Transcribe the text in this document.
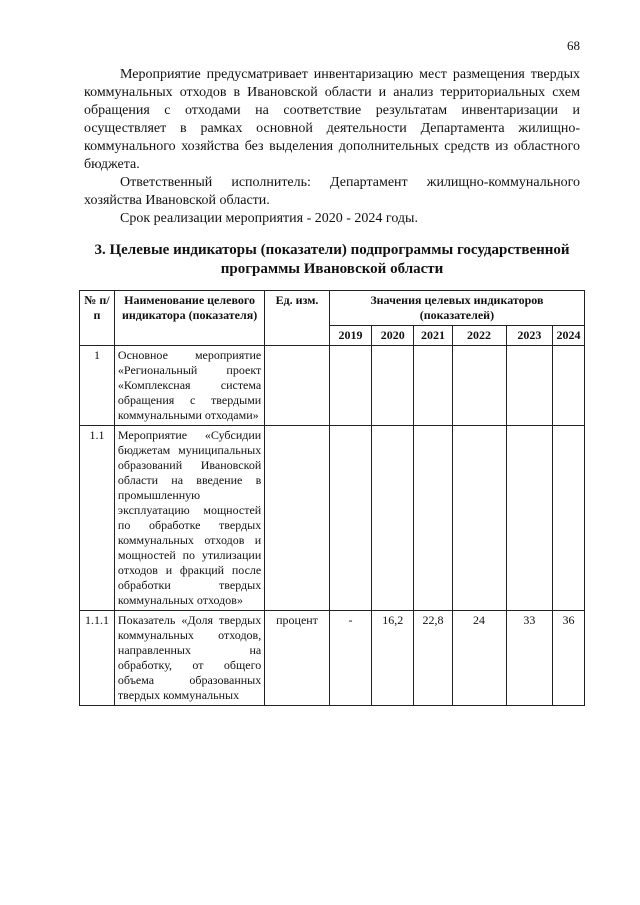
68

Мероприятие предусматривает инвентаризацию мест размещения твердых коммунальных отходов в Ивановской области и анализ территориальных схем обращения с отходами на соответствие результатам инвентаризации и осуществляет в рамках основной деятельности Департамента жилищно-коммунального хозяйства без выделения дополнительных средств из областного бюджета.

Ответственный исполнитель: Департамент жилищно-коммунального хозяйства Ивановской области.

Срок реализации мероприятия - 2020 - 2024 годы.

3. Целевые индикаторы (показатели) подпрограммы государственной программы Ивановской области
№ п/п	Наименование целевого индикатора (показателя)	Ед. изм.	Значения целевых индикаторов (показателей)					
			2019	2020	2021	2022	2023	2024
1	Основное мероприятие «Региональный проект «Комплексная система обращения с твердыми коммунальными отходами»							
1.1	Мероприятие «Субсидии бюджетам муниципальных образований Ивановской области на введение в промышленную эксплуатацию мощностей по обработке твердых коммунальных отходов и мощностей по утилизации отходов и фракций после обработки твердых коммунальных отходов»							
1.1.1	Показатель «Доля твердых коммунальных отходов, направленных на обработку, от общего объема образованных твердых коммунальных	процент	-	16,2	22,8	24	33	36
